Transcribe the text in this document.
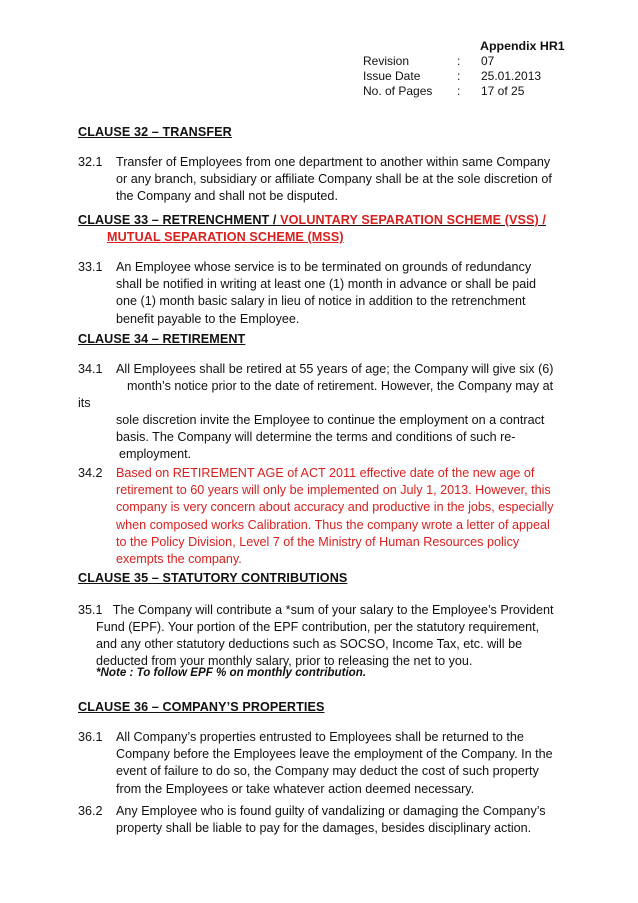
Appendix HR1
Revision	:	07
Issue Date	:	25.01.2013
No. of Pages	:	17 of 25
CLAUSE 32 – TRANSFER
32.1 Transfer of Employees from one department to another within same Company
or any branch, subsidiary or affiliate Company shall be at the sole discretion of
the Company and shall not be disputed.
CLAUSE 33 – RETRENCHMENT / VOLUNTARY SEPARATION SCHEME (VSS) /
MUTUAL SEPARATION SCHEME (MSS)
33.1 An Employee whose service is to be terminated on grounds of redundancy
shall be notified in writing at least one (1) month in advance or shall be paid
one (1) month basic salary in lieu of notice in addition to the retrenchment
benefit payable to the Employee.
CLAUSE 34 – RETIREMENT
34.1 All Employees shall be retired at 55 years of age; the Company will give six (6)
month’s notice prior to the date of retirement. However, the Company may at
its
sole discretion invite the Employee to continue the employment on a contract
basis. The Company will determine the terms and conditions of such re-
employment.
34.2 Based on RETIREMENT AGE of ACT 2011 effective date of the new age of
retirement to 60 years will only be implemented on July 1, 2013. However, this
company is very concern about accuracy and productive in the jobs, especially
when composed works Calibration. Thus the company wrote a letter of appeal
to the Policy Division, Level 7 of the Ministry of Human Resources policy
exempts the company.
CLAUSE 35 – STATUTORY CONTRIBUTIONS
35.1   The Company will contribute a *sum of your salary to the Employee’s Provident
Fund (EPF). Your portion of the EPF contribution, per the statutory requirement,
and any other statutory deductions such as SOCSO, Income Tax, etc. will be
deducted from your monthly salary, prior to releasing the net to you.
*Note : To follow EPF % on monthly contribution.
CLAUSE 36 – COMPANY’S PROPERTIES
36.1 All Company’s properties entrusted to Employees shall be returned to the
Company before the Employees leave the employment of the Company. In the
event of failure to do so, the Company may deduct the cost of such property
from the Employees or take whatever action deemed necessary.
36.2 Any Employee who is found guilty of vandalizing or damaging the Company’s
property shall be liable to pay for the damages, besides disciplinary action.
